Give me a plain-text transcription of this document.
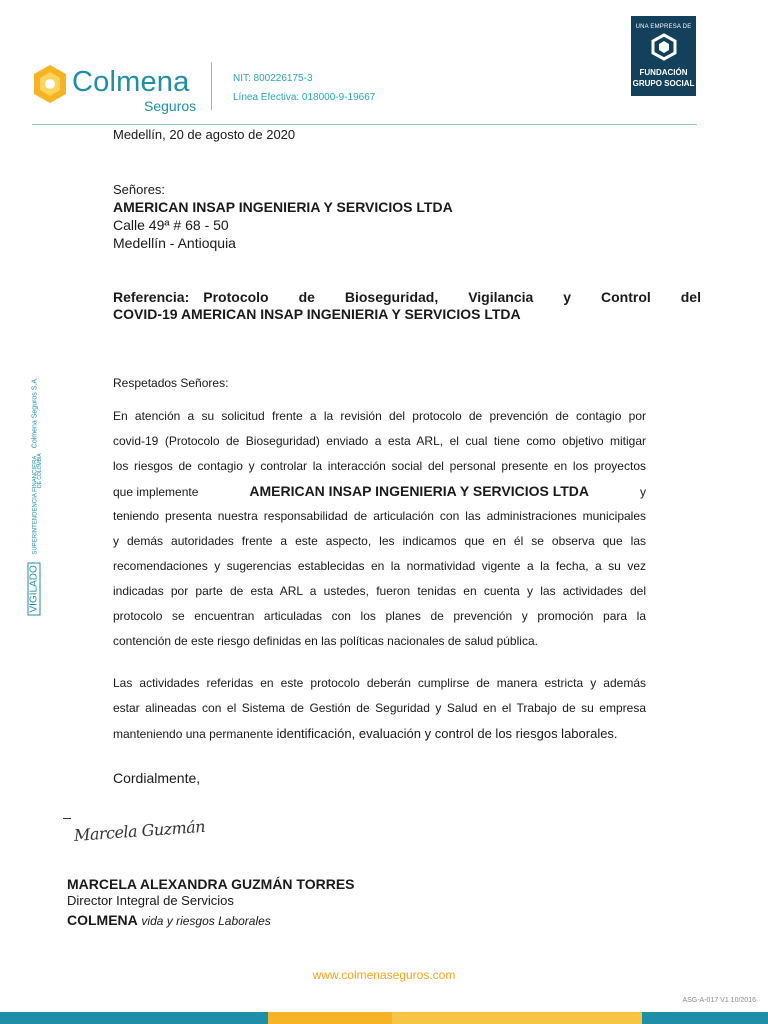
Colmena
Seguros
NIT: 800226175-3
Línea Efectiva: 018000-9-19667
UNA EMPRESA DE
FUNDACIÓN
GRUPO SOCIAL
VIGILADO SUPERINTENDENCIA FINANCIERA Colmena Seguros S.A.
DE COLOMBIA
Medellín, 20 de agosto de 2020
Señores:
AMERICAN INSAP INGENIERIA Y SERVICIOS LTDA
Calle 49ª # 68 - 50
Medellín - Antioquia
Referencia: Protocolo de Bioseguridad, Vigilancia y Control del
COVID-19 AMERICAN INSAP INGENIERIA Y SERVICIOS LTDA
Respetados Señores:
En atención a su solicitud frente a la revisión del protocolo de prevención de contagio por
covid-19 (Protocolo de Bioseguridad) enviado a esta ARL, el cual tiene como objetivo mitigar
los riesgos de contagio y controlar la interacción social del personal presente en los proyectos
que implemente	AMERICAN INSAP INGENIERIA Y SERVICIOS LTDA	y
teniendo presenta nuestra responsabilidad de articulación con las administraciones municipales
y demás autoridades frente a este aspecto, les indicamos que en él se observa que las
recomendaciones y sugerencias establecidas en la normatividad vigente a la fecha, a su vez
indicadas por parte de esta ARL a ustedes, fueron tenidas en cuenta y las actividades del
protocolo se encuentran articuladas con los planes de prevención y promoción para la
contención de este riesgo definidas en las políticas nacionales de salud pública.
Las actividades referidas en este protocolo deberán cumplirse de manera estricta y además
estar alineadas con el Sistema de Gestión de Seguridad y Salud en el Trabajo de su empresa
manteniendo una permanente identificación, evaluación y control de los riesgos laborales.
Cordialmente,
Marcela Guzmán
MARCELA ALEXANDRA GUZMÁN TORRES
Director Integral de Servicios
COLMENA vida y riesgos Laborales
www.colmenaseguros.com
ASG-A-017 V1 10/2016
